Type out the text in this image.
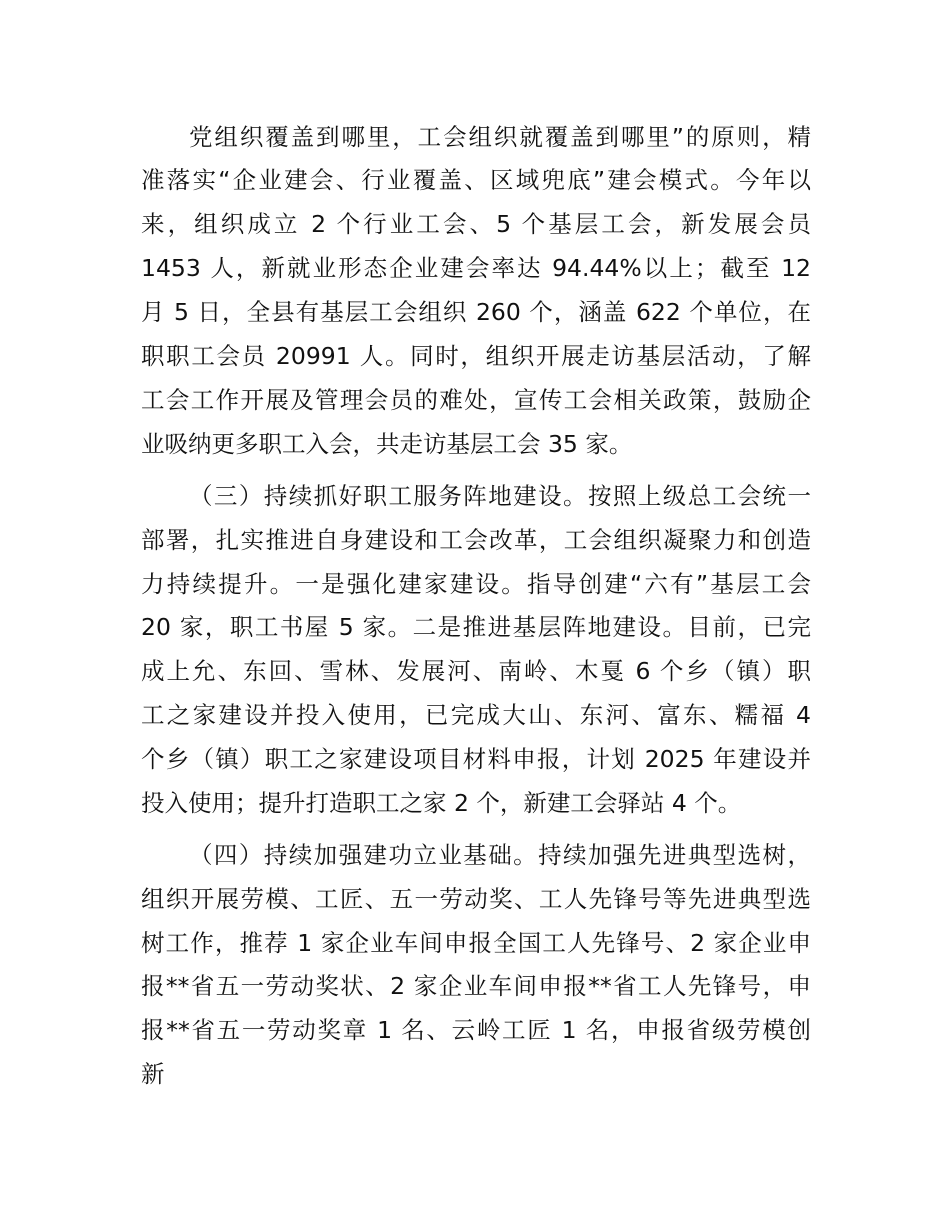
党组织覆盖到哪里，工会组织就覆盖到哪里”的原则，精
准落实“企业建会、行业覆盖、区域兜底”建会模式。今年以
来，组织成立 2 个行业工会、5 个基层工会，新发展会员
1453 人，新就业形态企业建会率达 94.44%以上；截至 12
月 5 日，全县有基层工会组织 260 个，涵盖 622 个单位，在
职职工会员 20991 人。同时，组织开展走访基层活动，了解
工会工作开展及管理会员的难处，宣传工会相关政策，鼓励企
业吸纳更多职工入会，共走访基层工会 35 家。
（三）持续抓好职工服务阵地建设。按照上级总工会统一
部署，扎实推进自身建设和工会改革，工会组织凝聚力和创造
力持续提升。一是强化建家建设。指导创建“六有”基层工会
20 家，职工书屋 5 家。二是推进基层阵地建设。目前，已完
成上允、东回、雪林、发展河、南岭、木戛 6 个乡（镇）职
工之家建设并投入使用，已完成大山、东河、富东、糯福 4
个乡（镇）职工之家建设项目材料申报，计划 2025 年建设并
投入使用；提升打造职工之家 2 个，新建工会驿站 4 个。
（四）持续加强建功立业基础。持续加强先进典型选树，
组织开展劳模、工匠、五一劳动奖、工人先锋号等先进典型选
树工作，推荐 1 家企业车间申报全国工人先锋号、2 家企业申
报**省五一劳动奖状、2 家企业车间申报**省工人先锋号，申
报**省五一劳动奖章 1 名、云岭工匠 1 名，申报省级劳模创
新
